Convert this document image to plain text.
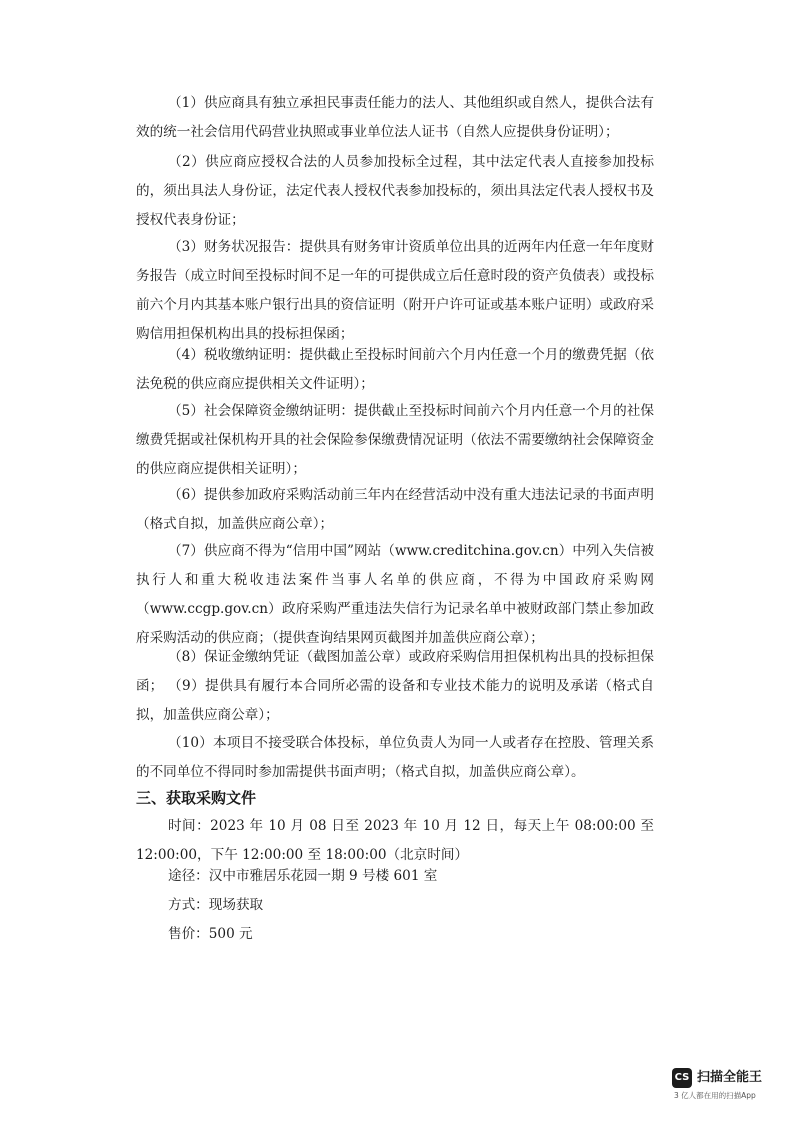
（1）供应商具有独立承担民事责任能力的法人、其他组织或自然人，提供合法有效的统一社会信用代码营业执照或事业单位法人证书（自然人应提供身份证明）；

（2）供应商应授权合法的人员参加投标全过程，其中法定代表人直接参加投标的，须出具法人身份证，法定代表人授权代表参加投标的，须出具法定代表人授权书及授权代表身份证；

（3）财务状况报告：提供具有财务审计资质单位出具的近两年内任意一年年度财务报告（成立时间至投标时间不足一年的可提供成立后任意时段的资产负债表）或投标前六个月内其基本账户银行出具的资信证明（附开户许可证或基本账户证明）或政府采购信用担保机构出具的投标担保函；

（4）税收缴纳证明：提供截止至投标时间前六个月内任意一个月的缴费凭据（依法免税的供应商应提供相关文件证明）；

（5）社会保障资金缴纳证明：提供截止至投标时间前六个月内任意一个月的社保缴费凭据或社保机构开具的社会保险参保缴费情况证明（依法不需要缴纳社会保障资金的供应商应提供相关证明）；

（6）提供参加政府采购活动前三年内在经营活动中没有重大违法记录的书面声明（格式自拟，加盖供应商公章）；

（7）供应商不得为“信用中国”网站（www.creditchina.gov.cn）中列入失信被执行人和重大税收违法案件当事人名单的供应商，不得为中国政府采购网（www.ccgp.gov.cn）政府采购严重违法失信行为记录名单中被财政部门禁止参加政府采购活动的供应商；（提供查询结果网页截图并加盖供应商公章）；

（8）保证金缴纳凭证（截图加盖公章）或政府采购信用担保机构出具的投标担保函； （9）提供具有履行本合同所必需的设备和专业技术能力的说明及承诺（格式自拟，加盖供应商公章）；

（10）本项目不接受联合体投标，单位负责人为同一人或者存在控股、管理关系的不同单位不得同时参加需提供书面声明；（格式自拟，加盖供应商公章）。

三、获取采购文件

时间：2023 年 10 月 08 日至 2023 年 10 月 12 日，每天上午 08:00:00 至 12:00:00，下午 12:00:00 至 18:00:00（北京时间）

途径：汉中市雅居乐花园一期 9 号楼 601 室

方式：现场获取

售价：500 元

CS 扫描全能王
3 亿人都在用的扫描App
